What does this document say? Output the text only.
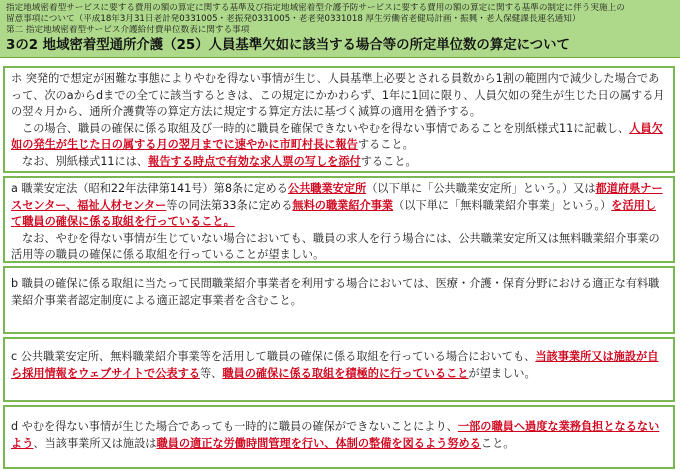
指定地域密着型サービスに要する費用の額の算定に関する基準及び指定地域密着型介護予防サービスに要する費用の額の算定に関する基準の制定に伴う実施上の
留意事項について（平成18年3月31日老計発0331005・老振発0331005・老老発0331018 厚生労働省老健局計画・振興・老人保健課長連名通知）
第二 指定地域密着型サービス介護給付費単位数表に関する事項
3の2 地域密着型通所介護（25）人員基準欠如に該当する場合等の所定単位数の算定について

ホ 突発的で想定が困難な事態によりやむを得ない事情が生じ、人員基準上必要とされる員数から1割の範囲内で減少した場合であって、次のaからdまでの全てに該当するときは、この規定にかかわらず、1年に1回に限り、人員欠如の発生が生じた日の属する月の翌々月から、通所介護費等の算定方法に規定する算定方法に基づく減算の適用を猶予する。

この場合、職員の確保に係る取組及び一時的に職員を確保できないやむを得ない事情であることを別紙様式11に記載し、人員欠如の発生が生じた日の属する月の翌月までに速やかに市町村長に報告すること。

なお、別紙様式11には、報告する時点で有効な求人票の写しを添付すること。

a 職業安定法（昭和22年法律第141号）第8条に定める公共職業安定所（以下単に「公共職業安定所」という。）又は都道府県ナースセンター、福祉人材センター等の同法第33条に定める無料の職業紹介事業（以下単に「無料職業紹介事業」という。）を活用して職員の確保に係る取組を行っていること。

なお、やむを得ない事情が生じていない場合においても、職員の求人を行う場合には、公共職業安定所又は無料職業紹介事業の活用等の職員の確保に係る取組を行っていることが望ましい。

b 職員の確保に係る取組に当たって民間職業紹介事業者を利用する場合においては、医療・介護・保育分野における適正な有料職業紹介事業者認定制度による適正認定事業者を含むこと。

c 公共職業安定所、無料職業紹介事業等を活用して職員の確保に係る取組を行っている場合においても、当該事業所又は施設が自ら採用情報をウェブサイトで公表する等、職員の確保に係る取組を積極的に行っていることが望ましい。

d やむを得ない事情が生じた場合であっても一時的に職員の確保ができないことにより、一部の職員へ過度な業務負担となるないよう、当該事業所又は施設は職員の適正な労働時間管理を行い、体制の整備を図るよう努めること。
